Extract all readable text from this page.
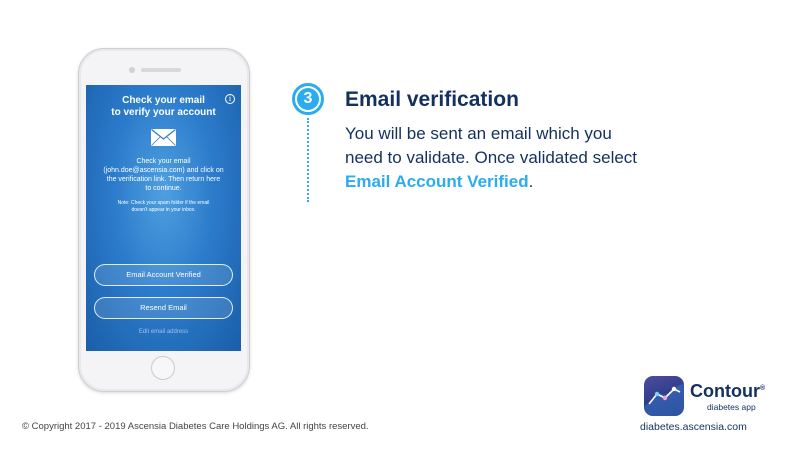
Check your email
to verify your account
i
Check your email
(john.doe@ascensia.com) and click on
the verification link. Then return here
to continue.
Note: Check your spam folder if the email
doesn't appear in your inbox.
Email Account Verified
Resend Email
Edit email address
3	Email verification
You will be sent an email which you
need to validate. Once validated select
Email Account Verified.
© Copyright 2017 - 2019 Ascensia Diabetes Care Holdings AG. All rights reserved.
Contour®
diabetes app
diabetes.ascensia.com
